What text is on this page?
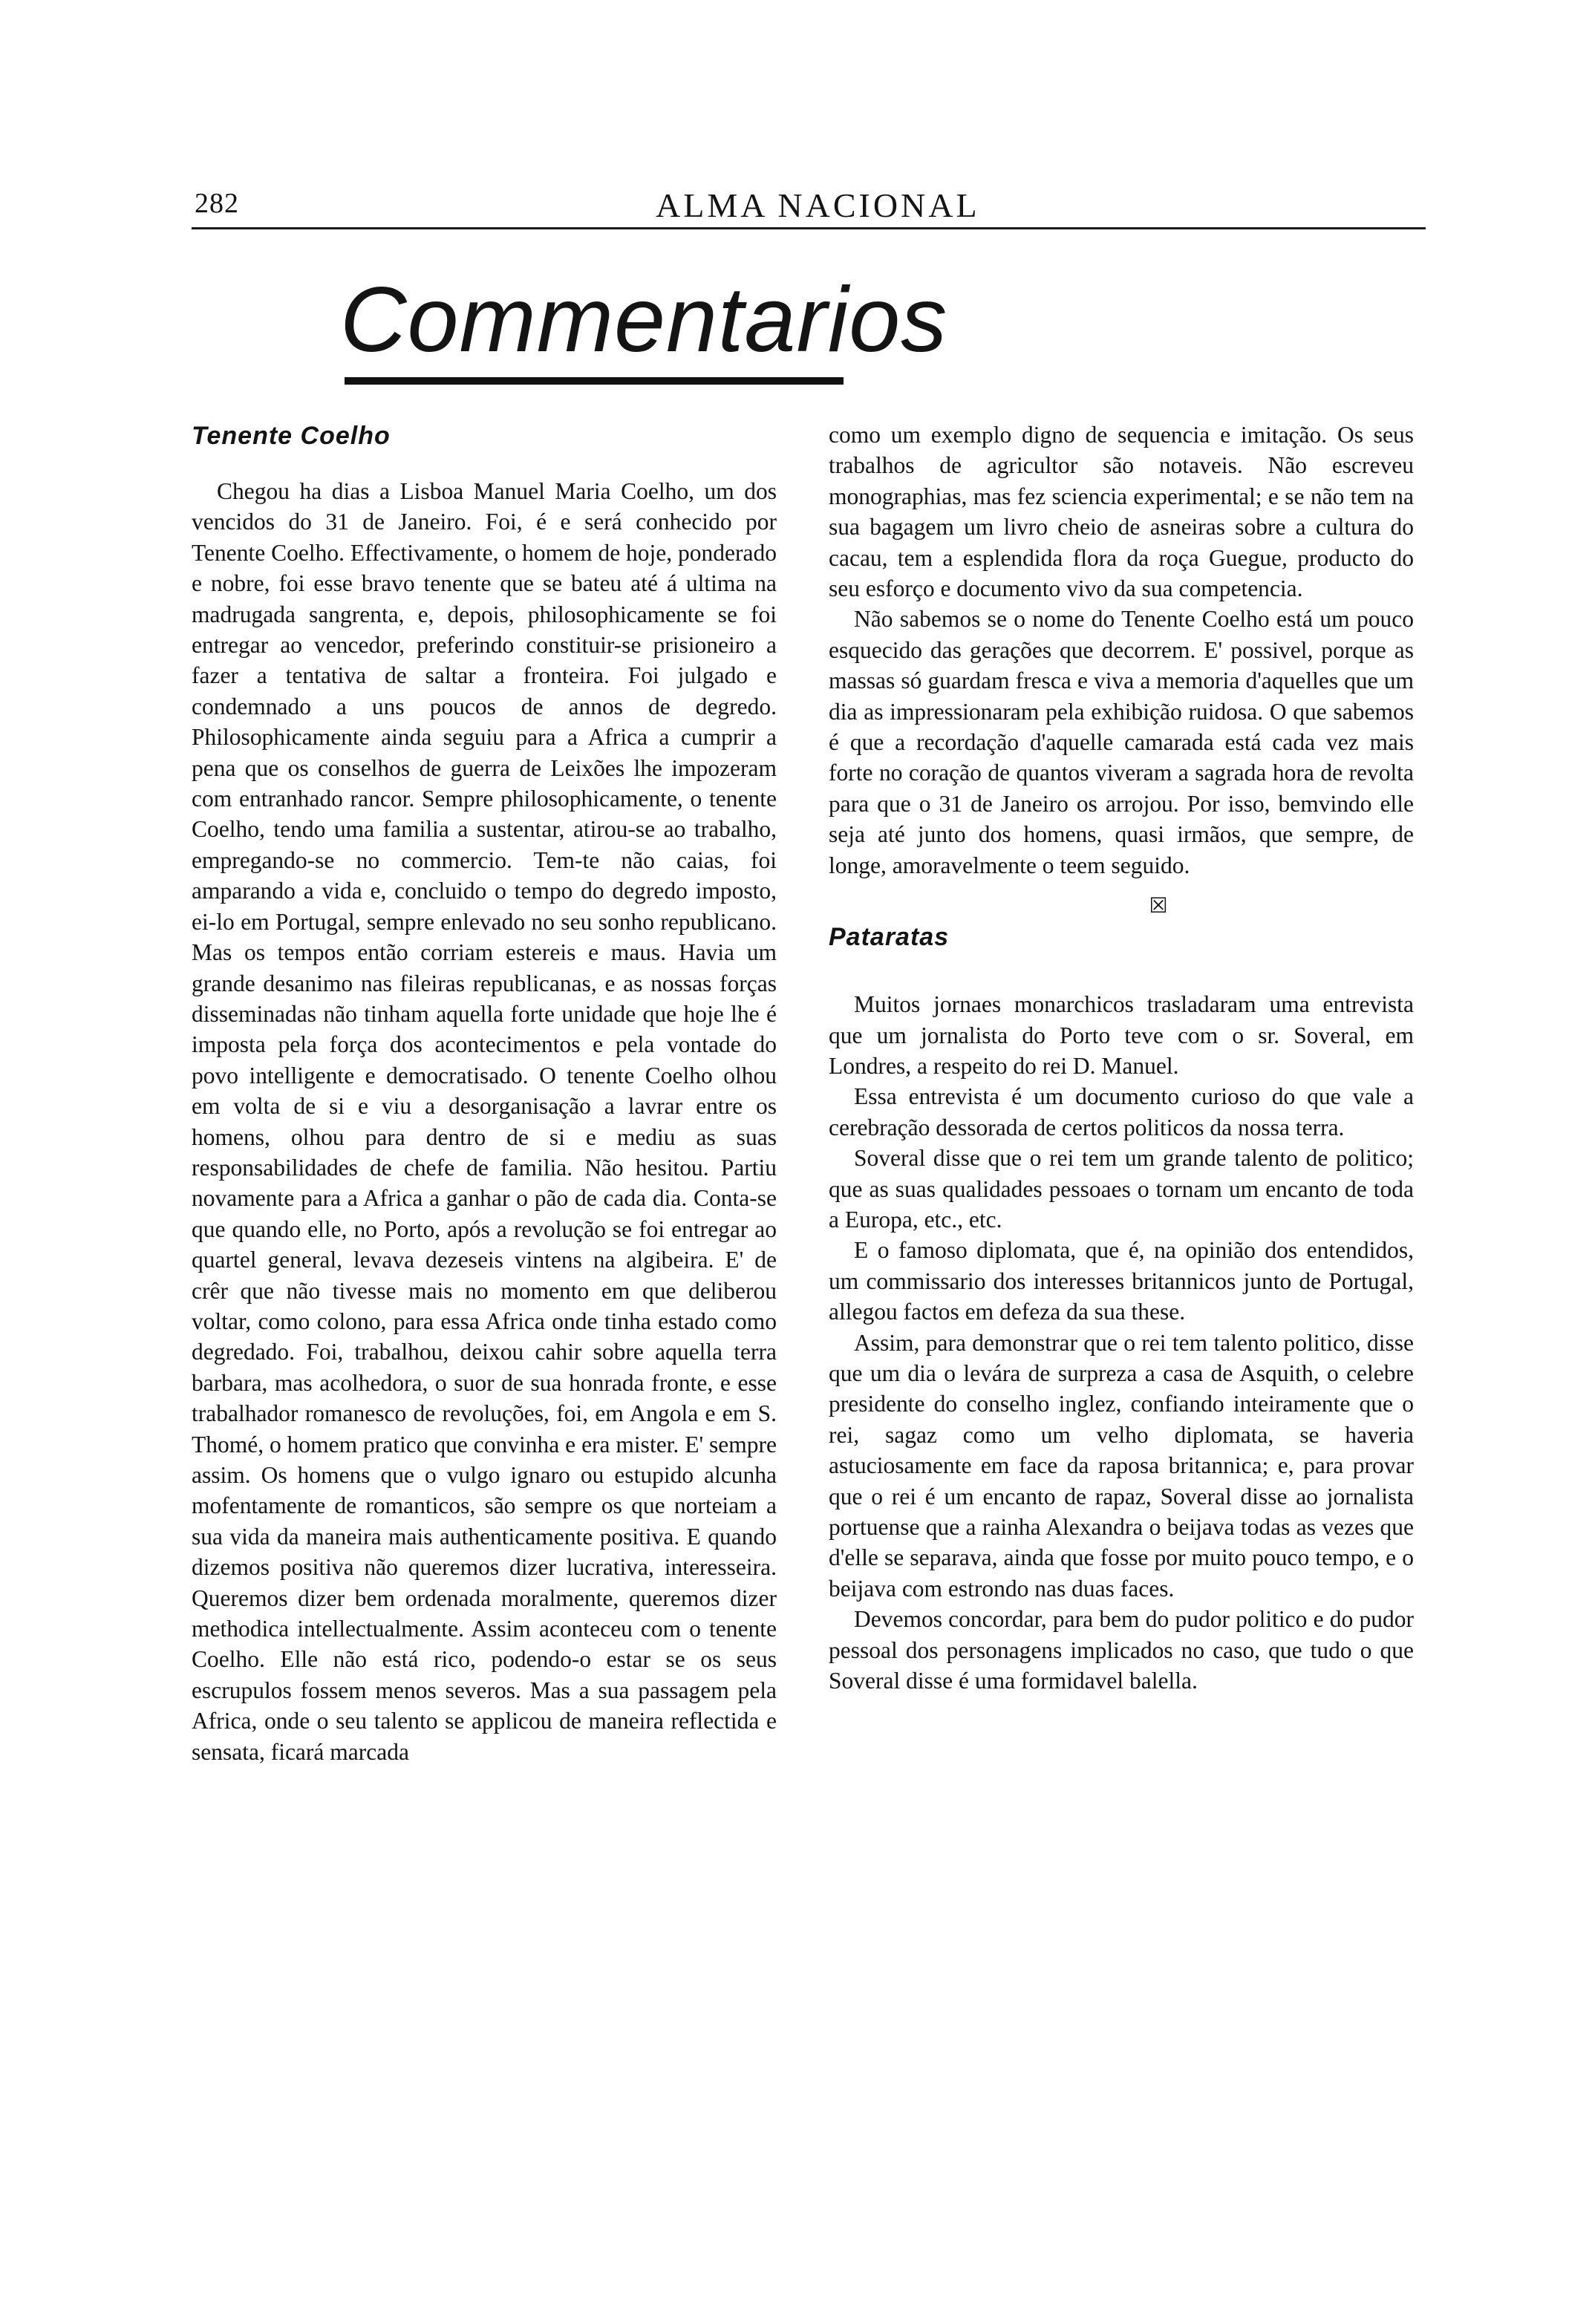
282	ALMA NACIONAL
Commentarios
Tenente Coelho

Chegou ha dias a Lisboa Manuel Maria Coelho, um dos vencidos do 31 de Janeiro. Foi, é e será conhecido por Tenente Coelho. Effectivamente, o homem de hoje, ponderado e nobre, foi esse bravo tenente que se bateu até á ultima na madrugada sangrenta, e, depois, philosophicamente se foi entregar ao vencedor, preferindo constituir-se prisioneiro a fazer a tentativa de saltar a fronteira. Foi julgado e condemnado a uns poucos de annos de degredo. Philosophicamente ainda seguiu para a Africa a cumprir a pena que os conselhos de guerra de Leixões lhe impozeram com entranhado rancor. Sempre philosophicamente, o tenente Coelho, tendo uma familia a sustentar, atirou-se ao trabalho, empregando-se no commercio. Tem-te não caias, foi amparando a vida e, concluido o tempo do degredo imposto, ei-lo em Portugal, sempre enlevado no seu sonho republicano. Mas os tempos então corriam estereis e maus. Havia um grande desanimo nas fileiras republicanas, e as nossas forças disseminadas não tinham aquella forte unidade que hoje lhe é imposta pela força dos acontecimentos e pela vontade do povo intelligente e democratisado. O tenente Coelho olhou em volta de si e viu a desorganisação a lavrar entre os homens, olhou para dentro de si e mediu as suas responsabilidades de chefe de familia. Não hesitou. Partiu novamente para a Africa a ganhar o pão de cada dia. Conta-se que quando elle, no Porto, após a revolução se foi entregar ao quartel general, levava dezeseis vintens na algibeira. E' de crêr que não tivesse mais no momento em que deliberou voltar, como colono, para essa Africa onde tinha estado como degredado. Foi, trabalhou, deixou cahir sobre aquella terra barbara, mas acolhedora, o suor de sua honrada fronte, e esse trabalhador romanesco de revoluções, foi, em Angola e em S. Thomé, o homem pratico que convinha e era mister. E' sempre assim. Os homens que o vulgo ignaro ou estupido alcunha mofentamente de romanticos, são sempre os que norteiam a sua vida da maneira mais authenticamente positiva. E quando dizemos positiva não queremos dizer lucrativa, interesseira. Queremos dizer bem ordenada moralmente, queremos dizer methodica intellectualmente. Assim aconteceu com o tenente Coelho. Elle não está rico, podendo-o estar se os seus escrupulos fossem menos severos. Mas a sua passagem pela Africa, onde o seu talento se applicou de maneira reflectida e sensata, ficará marcada

como um exemplo digno de sequencia e imitação. Os seus trabalhos de agricultor são notaveis. Não escreveu monographias, mas fez sciencia experimental; e se não tem na sua bagagem um livro cheio de asneiras sobre a cultura do cacau, tem a esplendida flora da roça Guegue, producto do seu esforço e documento vivo da sua competencia.

Não sabemos se o nome do Tenente Coelho está um pouco esquecido das gerações que decorrem. E' possivel, porque as massas só guardam fresca e viva a memoria d'aquelles que um dia as impressionaram pela exhibição ruidosa. O que sabemos é que a recordação d'aquelle camarada está cada vez mais forte no coração de quantos viveram a sagrada hora de revolta para que o 31 de Janeiro os arrojou. Por isso, bemvindo elle seja até junto dos homens, quasi irmãos, que sempre, de longe, amoravelmente o teem seguido.

☒
Pataratas

Muitos jornaes monarchicos trasladaram uma entrevista que um jornalista do Porto teve com o sr. Soveral, em Londres, a respeito do rei D. Manuel.

Essa entrevista é um documento curioso do que vale a cerebração dessorada de certos politicos da nossa terra.

Soveral disse que o rei tem um grande talento de politico; que as suas qualidades pessoaes o tornam um encanto de toda a Europa, etc., etc.

E o famoso diplomata, que é, na opinião dos entendidos, um commissario dos interesses britannicos junto de Portugal, allegou factos em defeza da sua these.

Assim, para demonstrar que o rei tem talento politico, disse que um dia o levára de surpreza a casa de Asquith, o celebre presidente do conselho inglez, confiando inteiramente que o rei, sagaz como um velho diplomata, se haveria astuciosamente em face da raposa britannica; e, para provar que o rei é um encanto de rapaz, Soveral disse ao jornalista portuense que a rainha Alexandra o beijava todas as vezes que d'elle se separava, ainda que fosse por muito pouco tempo, e o beijava com estrondo nas duas faces.

Devemos concordar, para bem do pudor politico e do pudor pessoal dos personagens implicados no caso, que tudo o que Soveral disse é uma formidavel balella.
